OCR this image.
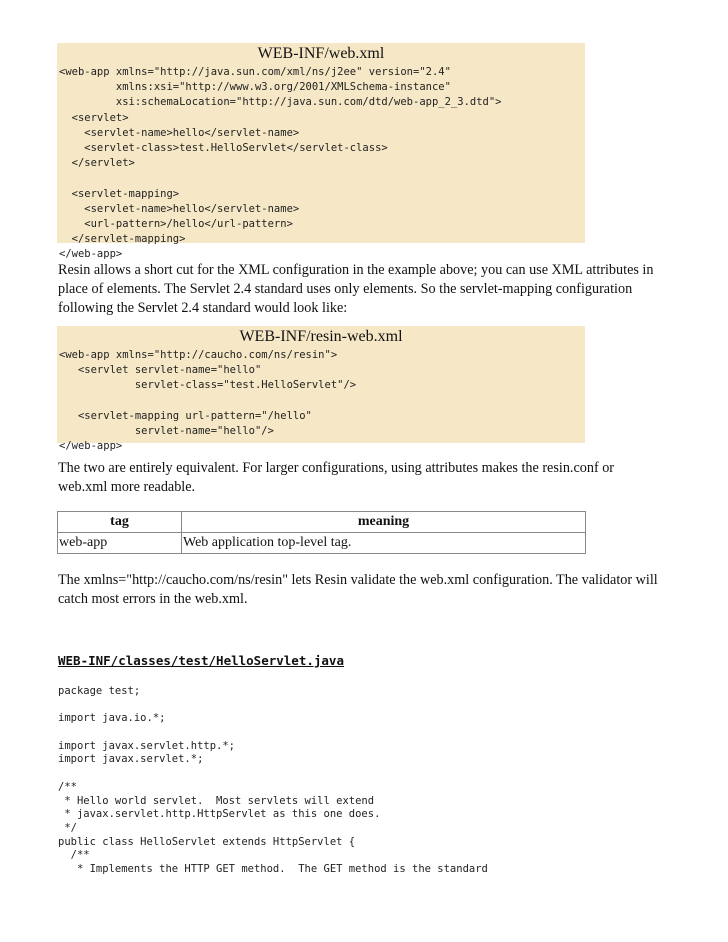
WEB-INF/web.xml
<web-app xmlns="http://java.sun.com/xml/ns/j2ee" version="2.4"
xmlns:xsi="http://www.w3.org/2001/XMLSchema-instance"
xsi:schemaLocation="http://java.sun.com/dtd/web-app_2_3.dtd">
<servlet>
<servlet-name>hello</servlet-name>
<servlet-class>test.HelloServlet</servlet-class>
</servlet>
<servlet-mapping>
<servlet-name>hello</servlet-name>
<url-pattern>/hello</url-pattern>
</servlet-mapping>
</web-app>

Resin allows a short cut for the XML configuration in the example above; you can use XML attributes in place of elements. The Servlet 2.4 standard uses only elements. So the servlet-mapping configuration following the Servlet 2.4 standard would look like:

WEB-INF/resin-web.xml
<web-app xmlns="http://caucho.com/ns/resin">
<servlet servlet-name="hello"
servlet-class="test.HelloServlet"/>
<servlet-mapping url-pattern="/hello"
servlet-name="hello"/>
</web-app>

The two are entirely equivalent. For larger configurations, using attributes makes the resin.conf or web.xml more readable.

tag	meaning
web-app	Web application top-level tag.

The xmlns="http://caucho.com/ns/resin" lets Resin validate the web.xml configuration. The validator will catch most errors in the web.xml.

WEB-INF/classes/test/HelloServlet.java
package test;
import java.io.*;
import javax.servlet.http.*;
import javax.servlet.*;
/**
* Hello world servlet.  Most servlets will extend
* javax.servlet.http.HttpServlet as this one does.
*/
public class HelloServlet extends HttpServlet {
/**
* Implements the HTTP GET method.  The GET method is the standard
